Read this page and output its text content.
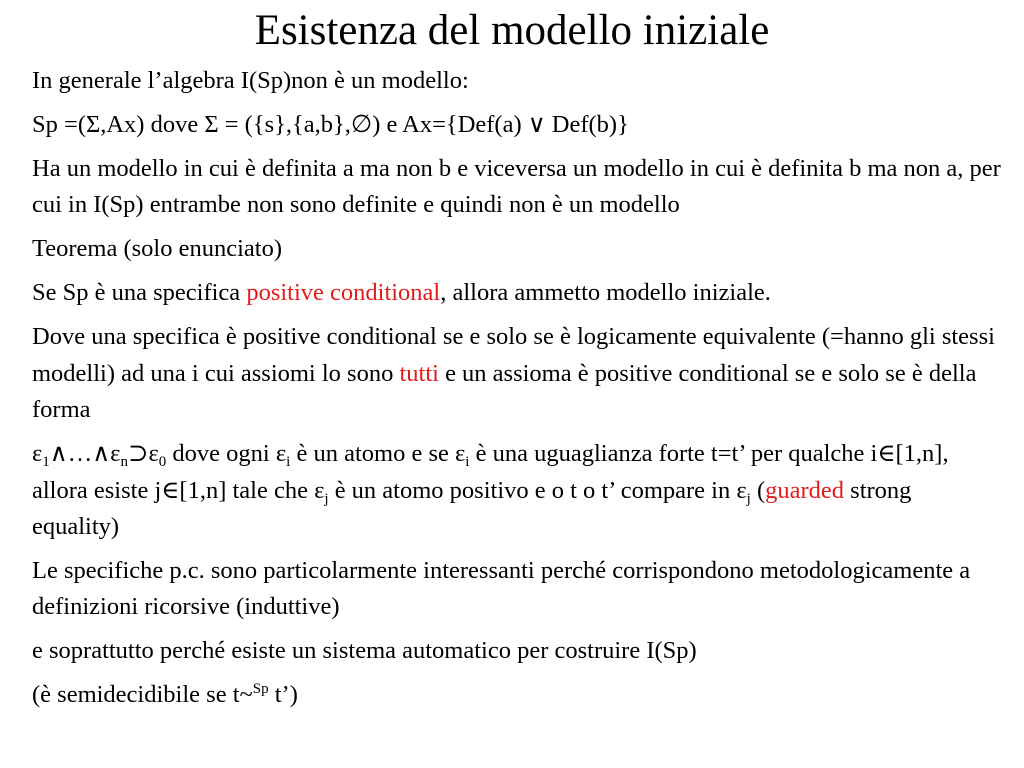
Esistenza del modello iniziale

In generale l’algebra I(Sp)non è un modello:

Sp =(Σ,Ax) dove Σ = ({s},{a,b},∅) e Ax={Def(a) ∨ Def(b)}

Ha un modello in cui è definita a ma non b e viceversa un modello in cui è definita b ma non a, per cui in I(Sp) entrambe non sono definite e quindi non è un modello

Teorema (solo enunciato)

Se Sp è una specifica positive conditional, allora ammetto modello iniziale.

Dove una specifica è positive conditional se e solo se è logicamente equivalente (=hanno gli stessi modelli) ad una i cui assiomi lo sono tutti e un assioma è positive conditional se e solo se è della forma

$\varepsilon_1\wedge\dots\wedge\varepsilon_n⊃\varepsilon_0$ dove ogni $\varepsilon_i$ è un atomo e se $\varepsilon_i$ è una uguaglianza forte t=t’ per qualche i∈[1,n], allora esiste j∈[1,n] tale che $\varepsilon_j$ è un atomo positivo e o t o t’ compare in $\varepsilon_j$ (guarded strong equality)

Le specifiche p.c. sono particolarmente interessanti perché corrispondono metodologicamente a definizioni ricorsive (induttive)

e soprattutto perché esiste un sistema automatico per costruire I(Sp)

(è semidecidibile se t~$^{Sp}$ t’)
